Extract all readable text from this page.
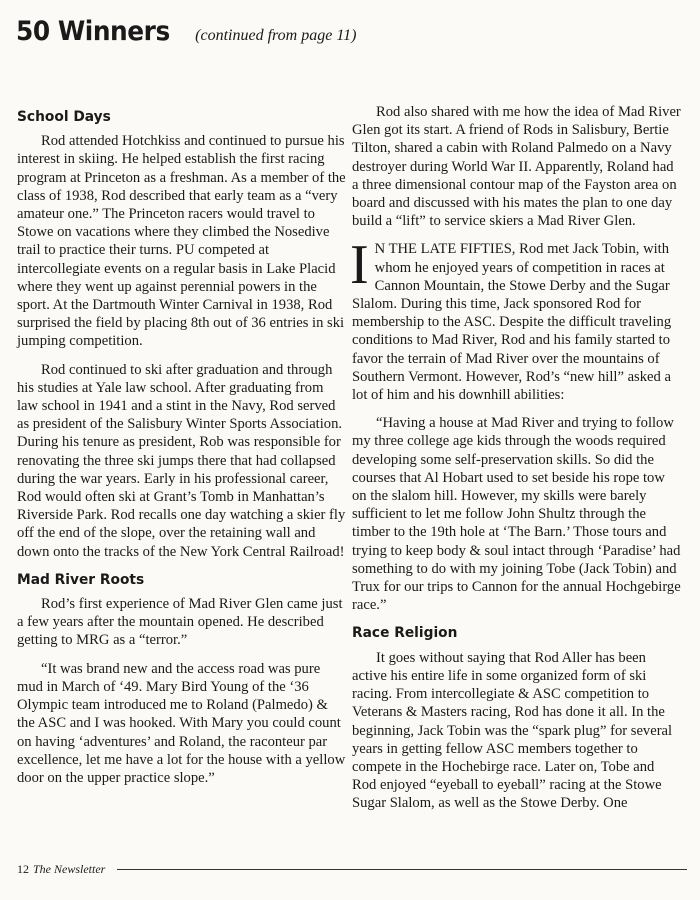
50 Winners (continued from page 11)
School Days

Rod attended Hotchkiss and continued to pursue his interest in skiing. He helped establish the first racing program at Princeton as a freshman. As a member of the class of 1938, Rod described that early team as a “very amateur one.” The Princeton racers would travel to Stowe on vacations where they climbed the Nosedive trail to practice their turns. PU competed at intercollegiate events on a regular basis in Lake Placid where they went up against perennial powers in the sport. At the Dartmouth Winter Carnival in 1938, Rod surprised the field by placing 8th out of 36 entries in ski jumping competition.

Rod continued to ski after graduation and through his studies at Yale law school. After graduating from law school in 1941 and a stint in the Navy, Rod served as president of the Salisbury Winter Sports Association. During his tenure as president, Rob was responsible for renovating the three ski jumps there that had collapsed during the war years. Early in his professional career, Rod would often ski at Grant’s Tomb in Manhattan’s Riverside Park. Rod recalls one day watching a skier fly off the end of the slope, over the retaining wall and down onto the tracks of the New York Central Railroad!

Mad River Roots

Rod’s first experience of Mad River Glen came just a few years after the mountain opened. He described getting to MRG as a “terror.”

“It was brand new and the access road was pure mud in March of ‘49. Mary Bird Young of the ‘36 Olympic team introduced me to Roland (Palmedo) & the ASC and I was hooked. With Mary you could count on having ‘adventures’ and Roland, the raconteur par excellence, let me have a lot for the house with a yellow door on the upper practice slope.”

Rod also shared with me how the idea of Mad River Glen got its start. A friend of Rods in Salisbury, Bertie Tilton, shared a cabin with Roland Palmedo on a Navy destroyer during World War II. Apparently, Roland had a three dimensional contour map of the Fayston area on board and discussed with his mates the plan to one day build a “lift” to service skiers a Mad River Glen.

I N THE LATE FIFTIES, Rod met Jack Tobin, with whom he enjoyed years of competition in races at Cannon Mountain, the Stowe Derby and the Sugar Slalom. During this time, Jack sponsored Rod for membership to the ASC. Despite the difficult traveling conditions to Mad River, Rod and his family started to favor the terrain of Mad River over the mountains of Southern Vermont. However, Rod’s “new hill” asked a lot of him and his downhill abilities:

“Having a house at Mad River and trying to follow my three college age kids through the woods required developing some self-preservation skills. So did the courses that Al Hobart used to set beside his rope tow on the slalom hill. However, my skills were barely sufficient to let me follow John Shultz through the timber to the 19th hole at ‘The Barn.’ Those tours and trying to keep body & soul intact through ‘Paradise’ had something to do with my joining Tobe (Jack Tobin) and Trux for our trips to Cannon for the annual Hochgebirge race.”

Race Religion

It goes without saying that Rod Aller has been active his entire life in some organized form of ski racing. From intercollegiate & ASC competition to Veterans & Masters racing, Rod has done it all. In the beginning, Jack Tobin was the “spark plug” for several years in getting fellow ASC members together to compete in the Hochebirge race. Later on, Tobe and Rod enjoyed “eyeball to eyeball” racing at the Stowe Sugar Slalom, as well as the Stowe Derby. One

12 The Newsletter
